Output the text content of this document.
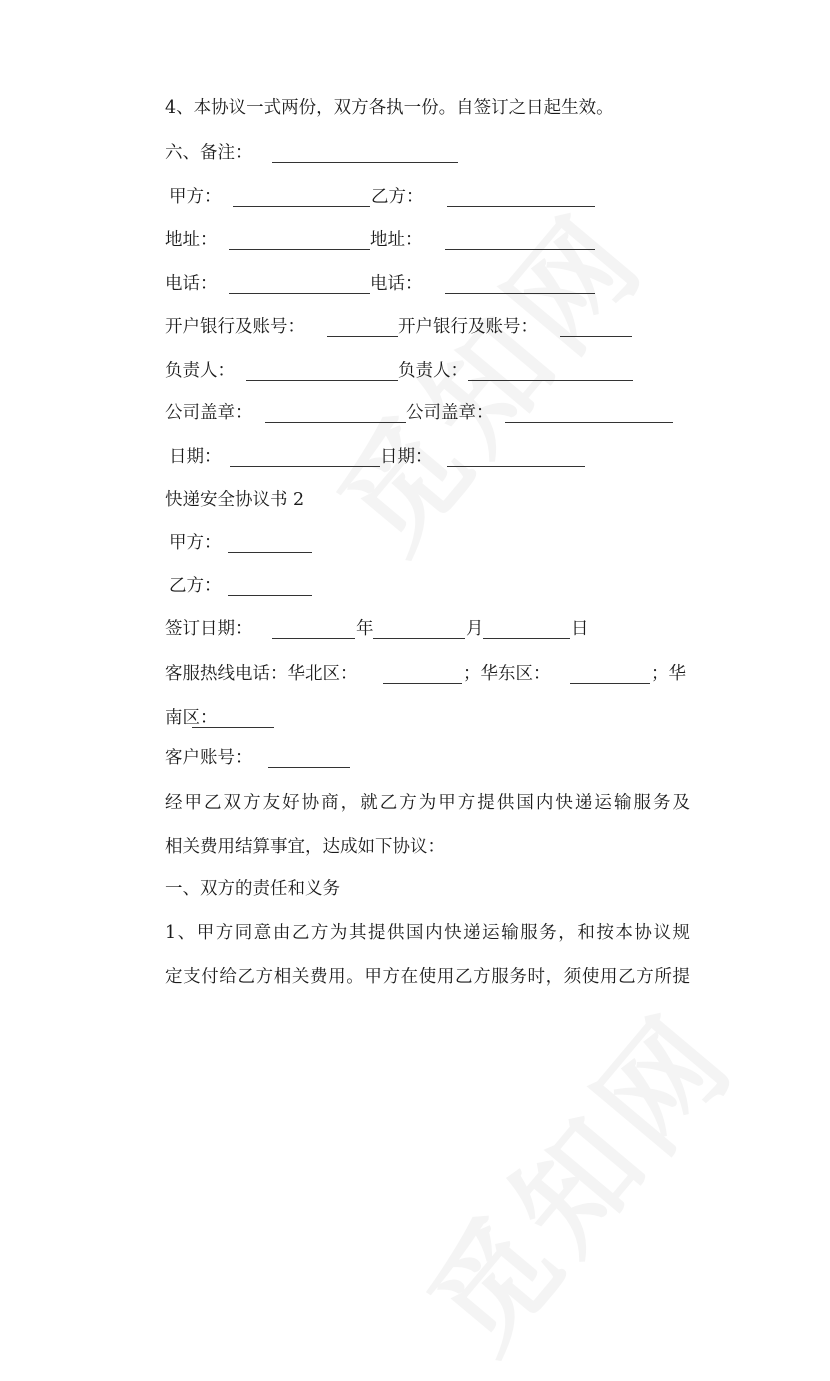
4、本协议一式两份，双方各执一份。自签订之日起生效。
六、备注：
甲方：	乙方：
地址：	地址：
电话：	电话：
开户银行及账号：	开户银行及账号：
负责人：	负责人：
公司盖章：	公司盖章：
日期：	日期：
快递安全协议书 2
甲方：
乙方：
签订日期：	年	月	日
客服热线电话：华北区：	；华东区：	；华
南区：
客户账号：
经甲乙双方友好协商，就乙方为甲方提供国内快递运输服务及
相关费用结算事宜，达成如下协议：
一、双方的责任和义务
1、甲方同意由乙方为其提供国内快递运输服务，和按本协议规
定支付给乙方相关费用。甲方在使用乙方服务时，须使用乙方所提
